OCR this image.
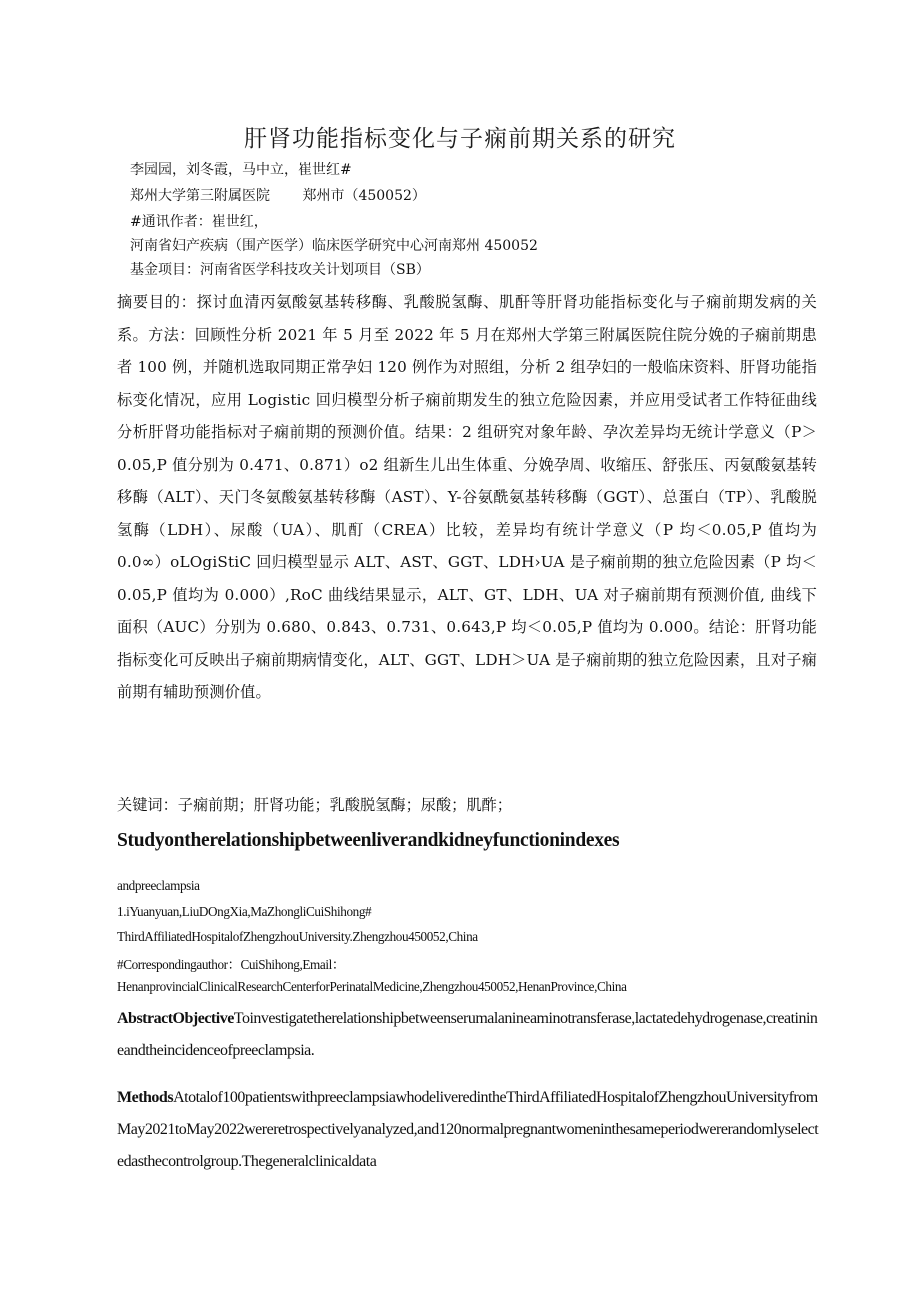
肝肾功能指标变化与子痫前期关系的研究
李园园，刘冬霞，马中立，崔世红#
郑州大学第三附属医院　　 郑州市（450052）
#通讯作者：崔世红，
河南省妇产疾病（围产医学）临床医学研究中心河南郑州 450052
基金项目：河南省医学科技攻关计划项目（SB）

摘要目的：探讨血清丙氨酸氨基转移酶、乳酸脱氢酶、肌酐等肝肾功能指标变化与子痫前期发病的关系。方法：回顾性分析 2021 年 5 月至 2022 年 5 月在郑州大学第三附属医院住院分娩的子痫前期患者 100 例，并随机选取同期正常孕妇 120 例作为对照组，分析 2 组孕妇的一般临床资料、肝肾功能指标变化情况，应用 Logistic 回归模型分析子痫前期发生的独立危险因素，并应用受试者工作特征曲线分析肝肾功能指标对子痫前期的预测价值。结果：2 组研究对象年龄、孕次差异均无统计学意义（P＞0.05,P 值分别为 0.471、0.871）o2 组新生儿出生体重、分娩孕周、收缩压、舒张压、丙氨酸氨基转移酶（ALT）、天门冬氨酸氨基转移酶（AST）、Y-谷氨酰氨基转移酶（GGT）、总蛋白（TP）、乳酸脱氢酶（LDH）、尿酸（UA）、肌酊（CREA）比较，差异均有统计学意义（P 均＜0.05,P 值均为 0.0∞）oLOgiStiC 回归模型显示 ALT、AST、GGT、LDH›UA 是子痫前期的独立危险因素（P 均＜0.05,P 值均为 0.000）,RoC 曲线结果显示，ALT、GT、LDH、UA 对子痫前期有预测价值, 曲线下面积（AUC）分别为 0.680、0.843、0.731、0.643,P 均＜0.05,P 值均为 0.000。结论：肝肾功能指标变化可反映出子痫前期病情变化，ALT、GGT、LDH＞UA 是子痫前期的独立危险因素，且对子痫前期有辅助预测价值。

关键词：子痫前期；肝肾功能；乳酸脱氢酶；尿酸；肌酢；
Studyontherelationshipbetweenliverandkidneyfunctionindexes
andpreeclampsia
1.iYuanyuan,LiuDOngXia,MaZhongliCuiShihong#
ThirdAffiliatedHospitalofZhengzhouUniversity.Zhengzhou450052,China
#Correspondingauthor：CuiShihong,Email：
HenanprovincialClinicalResearchCenterforPerinatalMedicine,Zhengzhou450052,HenanProvince,China

AbstractObjectiveToinvestigatetherelationshipbetweenserumalanineaminotransferase,lactatedehydrogenase,creatinineandtheincidenceofpreeclampsia.

MethodsAtotalof100patientswithpreeclampsiawhodeliveredintheThirdAffiliatedHospitalofZhengzhouUniversityfromMay2021toMay2022wereretrospectivelyanalyzed,and120normalpregnantwomeninthesameperiodwererandomlyselectedasthecontrolgroup.Thegeneralclinicaldata
